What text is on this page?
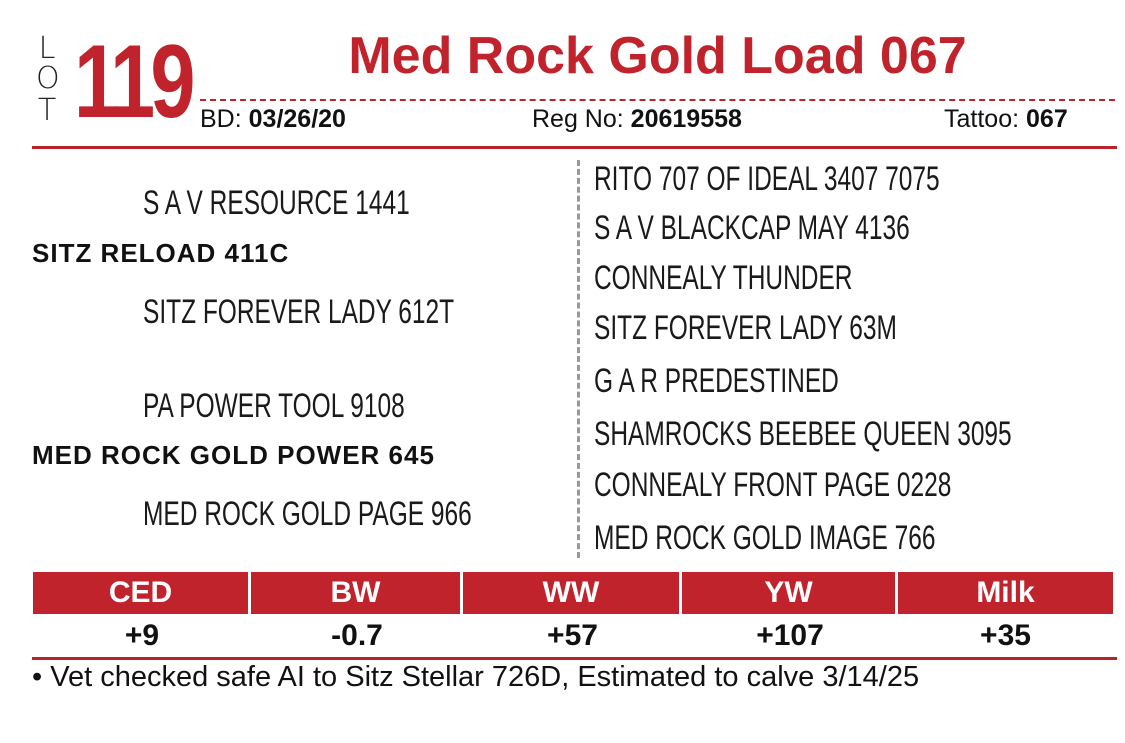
L
O
T 119	Med Rock Gold Load 067
BD: 03/26/20	Reg No: 20619558	Tattoo: 067
S A V RESOURCE 1441
SITZ RELOAD 411C
SITZ FOREVER LADY 612T
PA POWER TOOL 9108
MED ROCK GOLD POWER 645
MED ROCK GOLD PAGE 966
RITO 707 OF IDEAL 3407 7075
S A V BLACKCAP MAY 4136
CONNEALY THUNDER
SITZ FOREVER LADY 63M
G A R PREDESTINED
SHAMROCKS BEEBEE QUEEN 3095
CONNEALY FRONT PAGE 0228
MED ROCK GOLD IMAGE 766
CED	BW	WW	YW	Milk
+9	-0.7	+57	+107	+35
• Vet checked safe AI to Sitz Stellar 726D, Estimated to calve 3/14/25
